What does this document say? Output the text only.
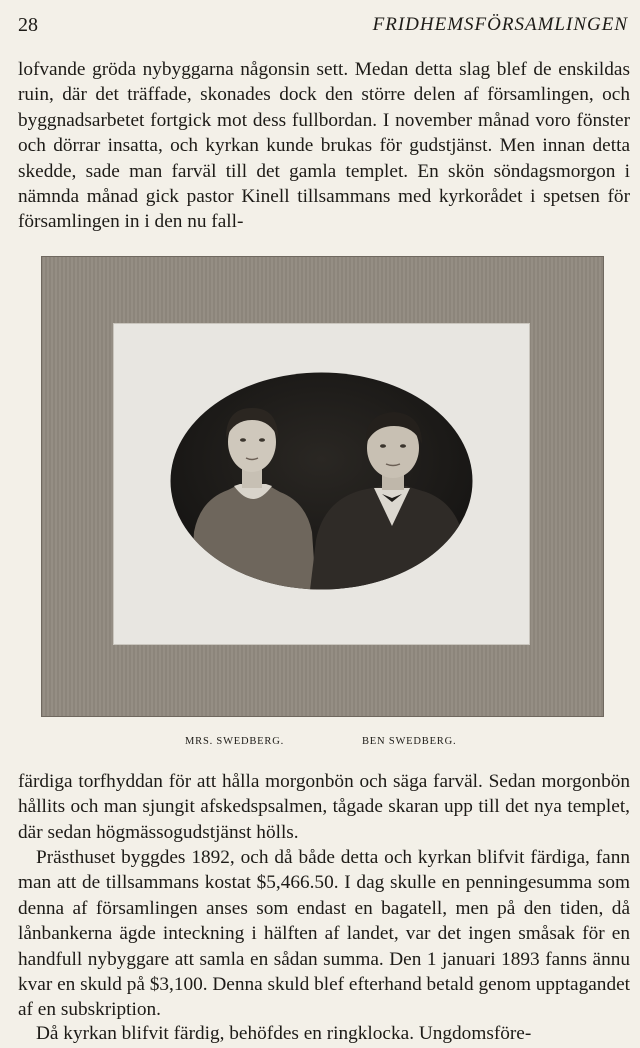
28	FRIDHEMSFÖRSAMLINGEN

lofvande gröda nybyggarna någonsin sett. Medan detta slag blef de enskildas ruin, där det träffade, skonades dock den större delen af församlingen, och byggnadsarbetet fortgick mot dess fullbordan. I november månad voro fönster och dörrar insatta, och kyrkan kunde brukas för gudstjänst. Men innan detta skedde, sade man farväl till det gamla templet. En skön söndagsmorgon i nämnda månad gick pastor Kinell tillsammans med kyrkorådet i spetsen för församlingen in i den nu fall-

MRS. SWEDBERG.	BEN SWEDBERG.

färdiga torfhyddan för att hålla morgonbön och säga farväl. Sedan morgonbön hållits och man sjungit afskedspsalmen, tågade skaran upp till det nya templet, där sedan högmässogudstjänst hölls.

Prästhuset byggdes 1892, och då både detta och kyrkan blifvit färdiga, fann man att de tillsammans kostat $5,466.50. I dag skulle en penningesumma som denna af församlingen anses som endast en bagatell, men på den tiden, då lånbankerna ägde inteckning i hälften af landet, var det ingen småsak för en handfull nybyggare att samla en sådan summa. Den 1 januari 1893 fanns ännu kvar en skuld på $3,100. Denna skuld blef efterhand betald genom upptagandet af en subskription.

Då kyrkan blifvit färdig, behöfdes en ringklocka. Ungdomsföre-
